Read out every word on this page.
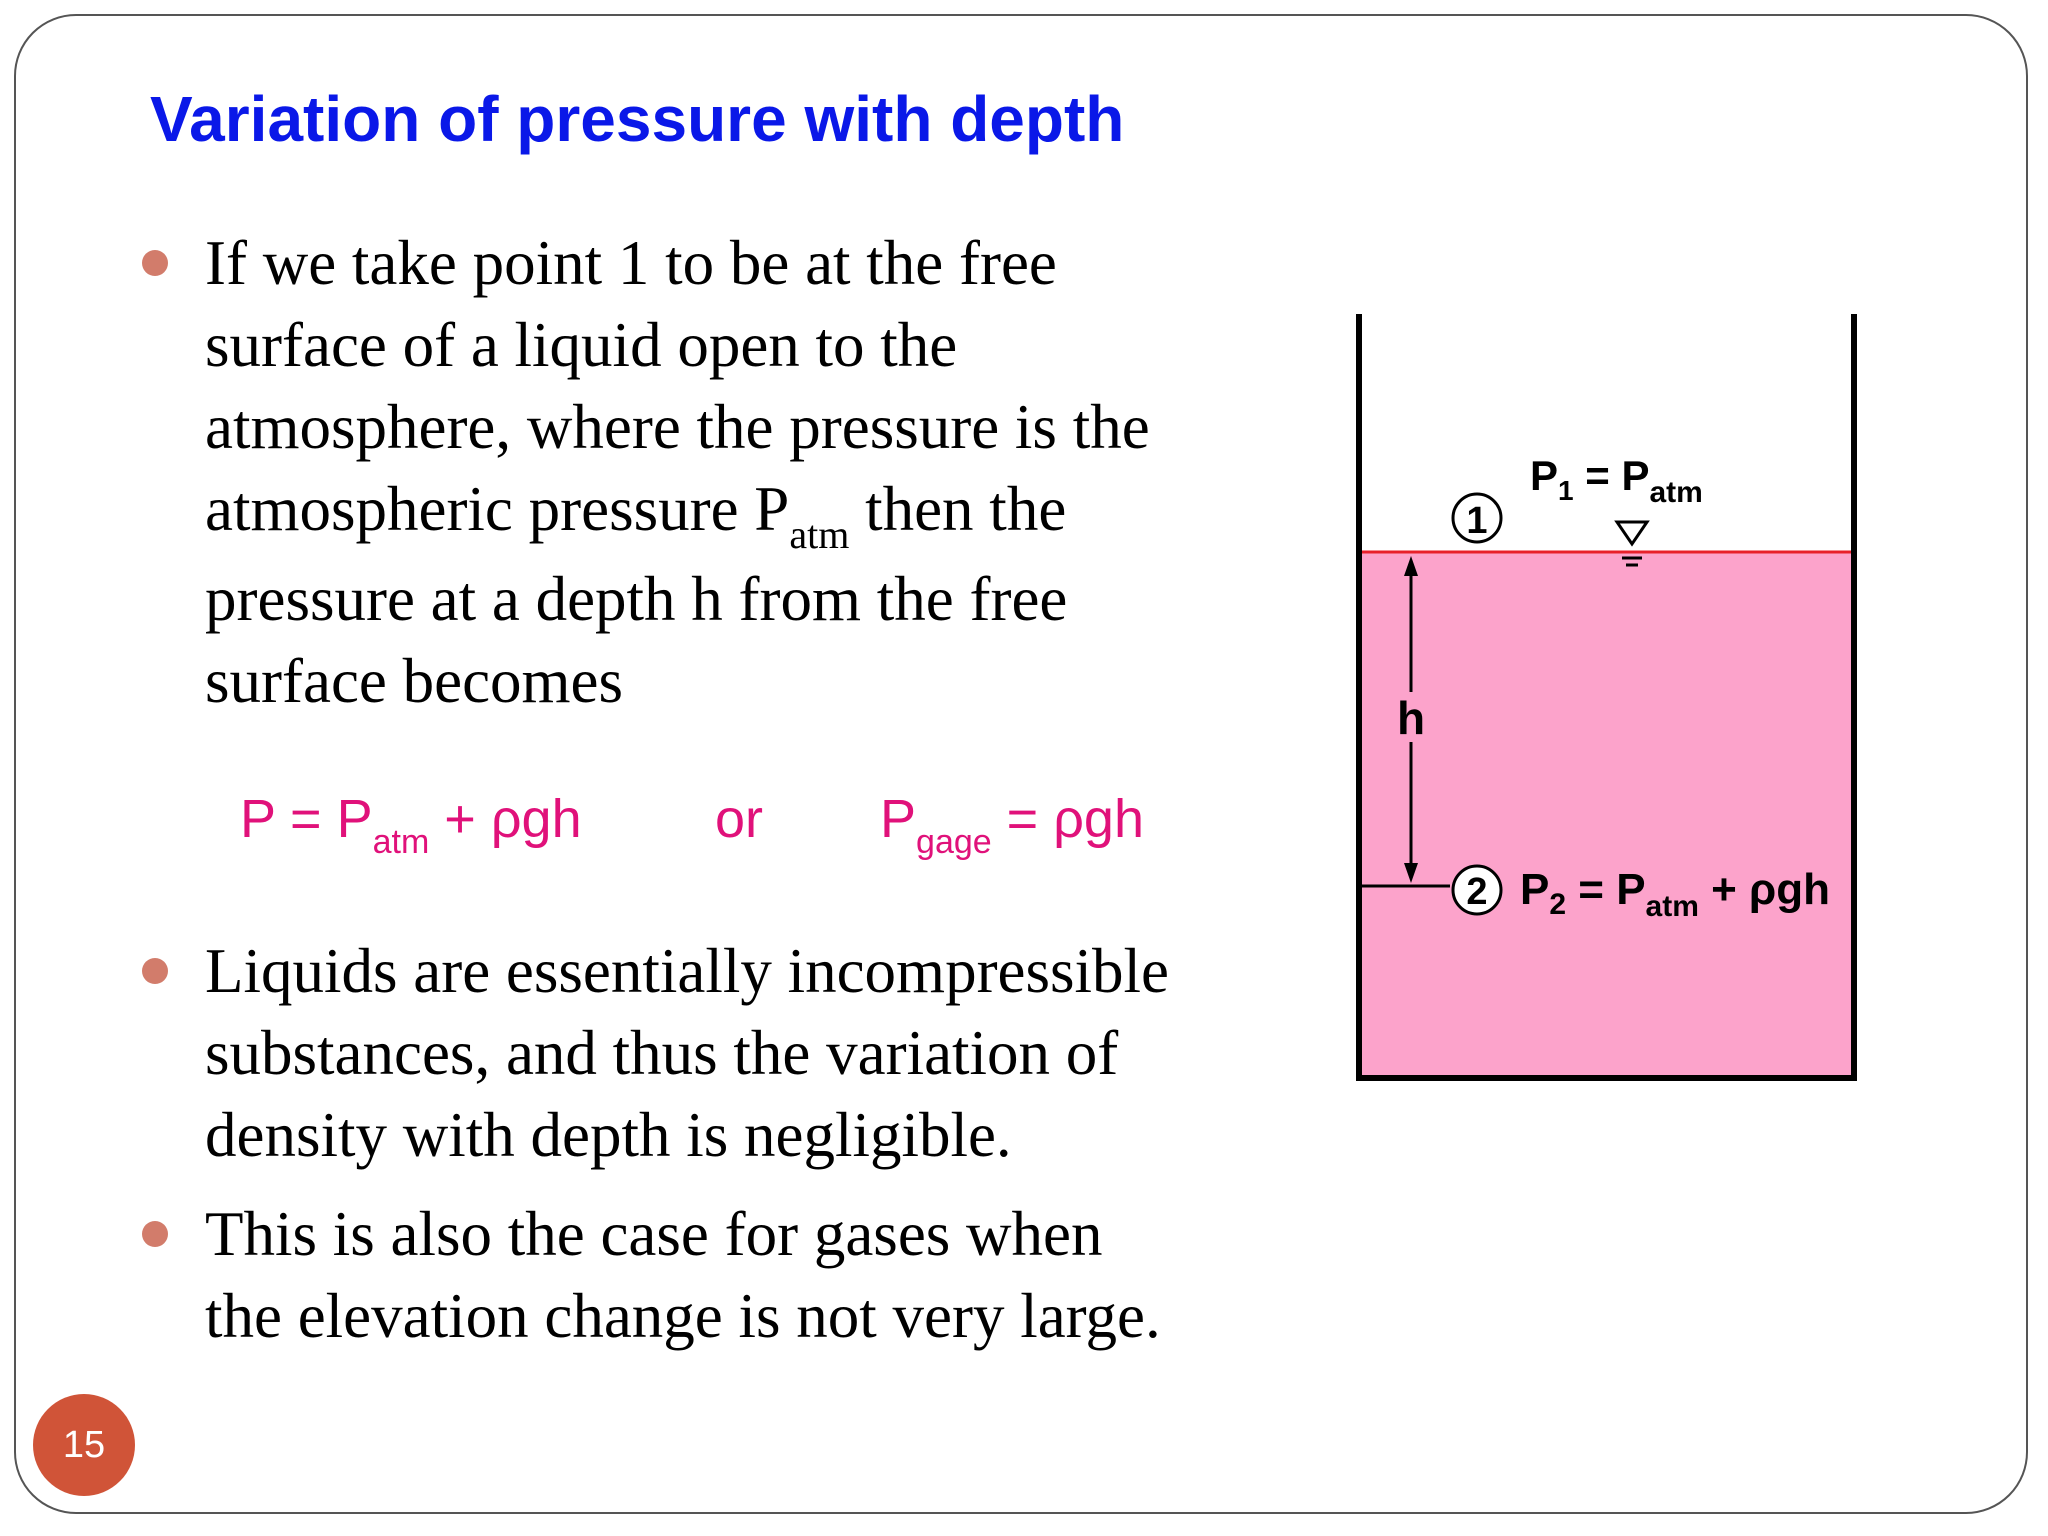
Variation of pressure with depth
If we take point 1 to be at the free
surface of a liquid open to the
atmosphere, where the pressure is the
atmospheric pressure $P_{atm}$ then the
pressure at a depth h from the free
surface becomes
$P = P_{atm} + \rho gh$ or $P_{gage} = \rho gh$
Liquids are essentially incompressible
substances, and thus the variation of
density with depth is negligible.
This is also the case for gases when
the elevation change is not very large.
h
1
$P_1 = P_{atm}$
2 $P_2 = P_{atm} + \rho gh$
15
